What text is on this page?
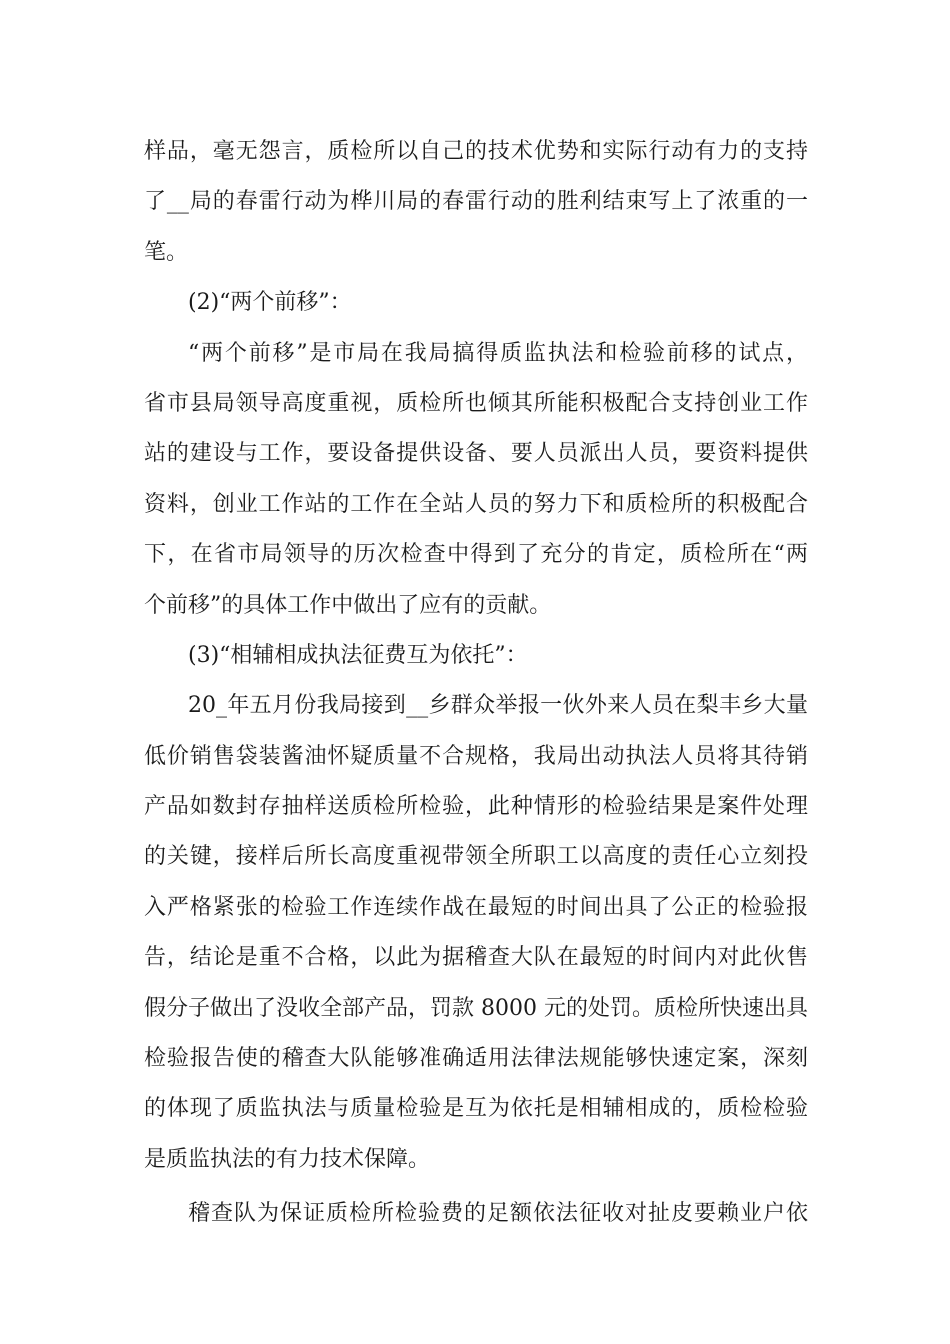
样品，毫无怨言，质检所以自己的技术优势和实际行动有力的支持
了__局的春雷行动为桦川局的春雷行动的胜利结束写上了浓重的一
笔。
(2)“两个前移”：
“两个前移”是市局在我局搞得质监执法和检验前移的试点，
省市县局领导高度重视，质检所也倾其所能积极配合支持创业工作
站的建设与工作，要设备提供设备、要人员派出人员，要资料提供
资料，创业工作站的工作在全站人员的努力下和质检所的积极配合
下，在省市局领导的历次检查中得到了充分的肯定，质检所在“两
个前移”的具体工作中做出了应有的贡献。
(3)“相辅相成执法征费互为依托”：
20_年五月份我局接到__乡群众举报一伙外来人员在梨丰乡大量
低价销售袋装酱油怀疑质量不合规格，我局出动执法人员将其待销
产品如数封存抽样送质检所检验，此种情形的检验结果是案件处理
的关键，接样后所长高度重视带领全所职工以高度的责任心立刻投
入严格紧张的检验工作连续作战在最短的时间出具了公正的检验报
告，结论是重不合格，以此为据稽查大队在最短的时间内对此伙售
假分子做出了没收全部产品，罚款 8000 元的处罚。质检所快速出具
检验报告使的稽查大队能够准确适用法律法规能够快速定案，深刻
的体现了质监执法与质量检验是互为依托是相辅相成的，质检检验
是质监执法的有力技术保障。
稽查队为保证质检所检验费的足额依法征收对扯皮要赖业户依
